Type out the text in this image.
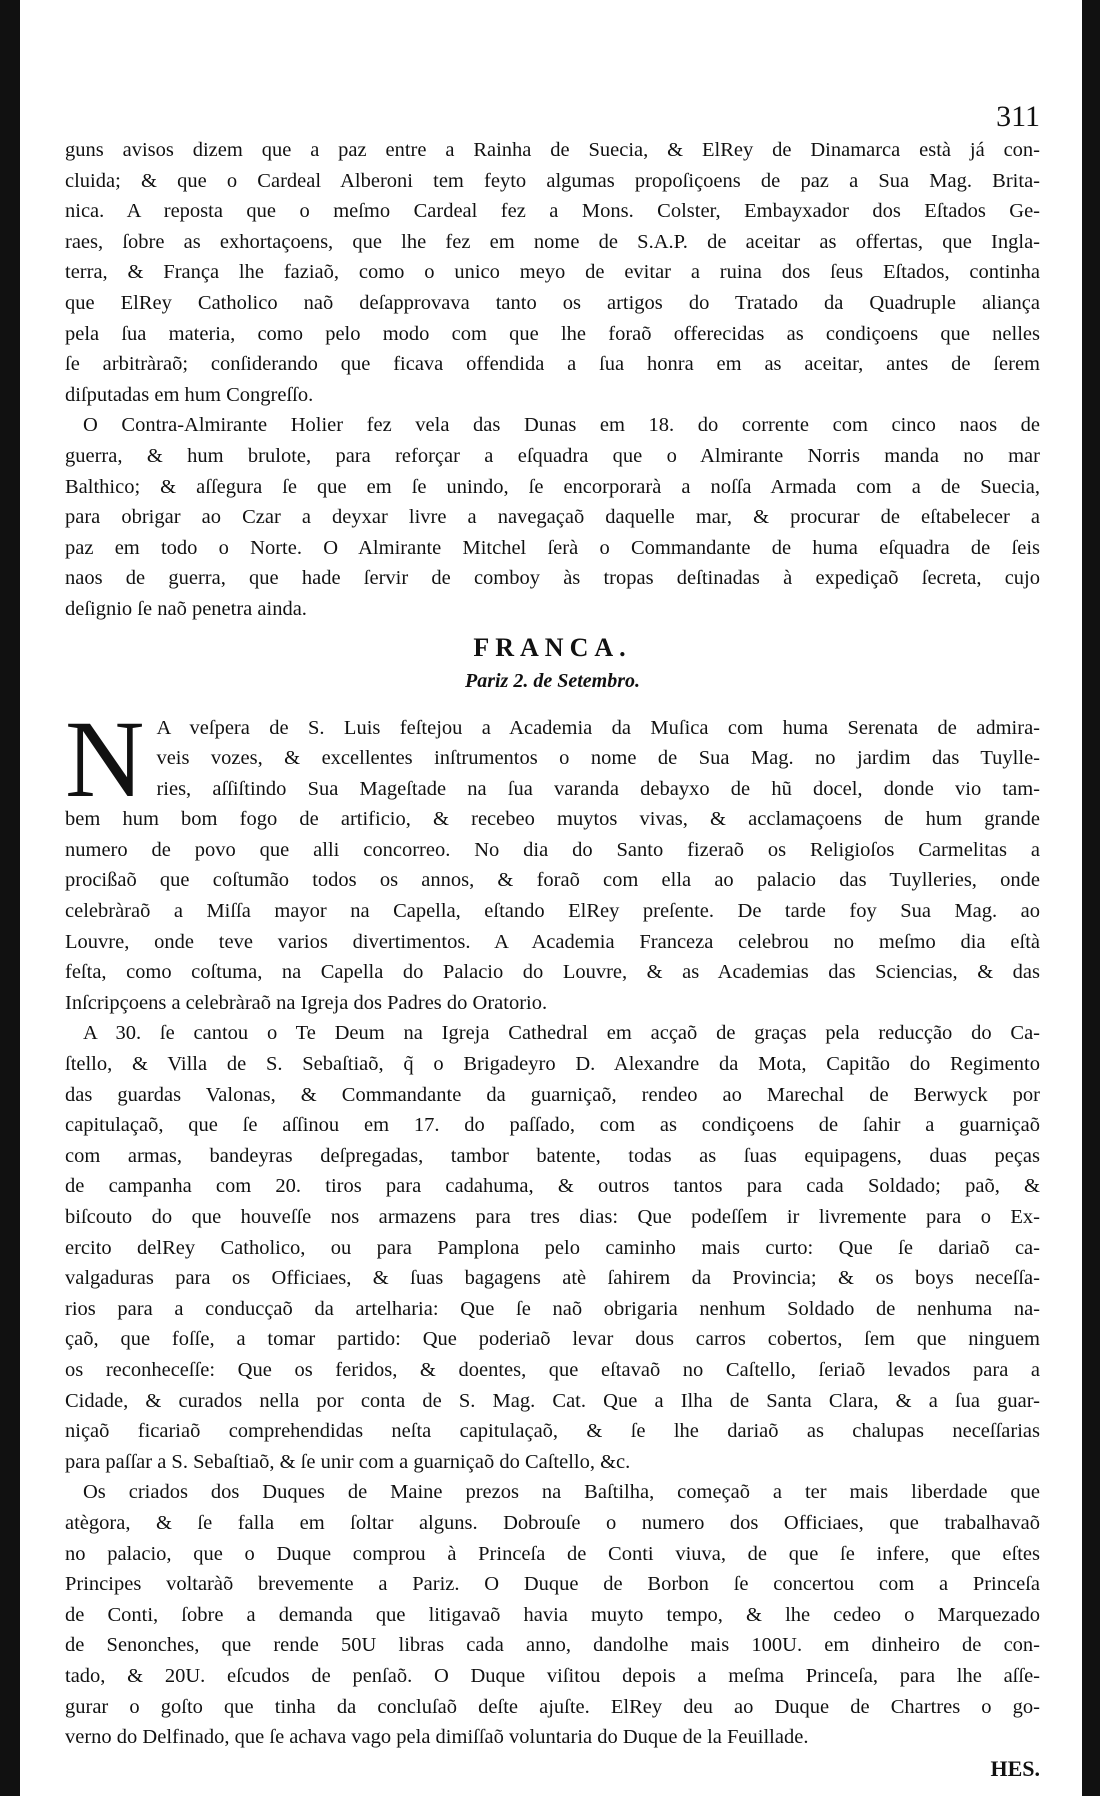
311
guns avisos dizem que a paz entre a Rainha de Suecia, & ElRey de Dinamarca està já con-
cluida; & que o Cardeal Alberoni tem feyto algumas propoſiçoens de paz a Sua Mag. Brita-
nica. A reposta que o meſmo Cardeal fez a Mons. Colster, Embayxador dos Eſtados Ge-
raes, ſobre as exhortaçoens, que lhe fez em nome de S.A.P. de aceitar as offertas, que Ingla-
terra, & França lhe faziaõ, como o unico meyo de evitar a ruina dos ſeus Eſtados, continha
que ElRey Catholico naõ deſapprovava tanto os artigos do Tratado da Quadruple aliança
pela ſua materia, como pelo modo com que lhe foraõ offerecidas as condiçoens que nelles
ſe arbitràraõ; conſiderando que ficava offendida a ſua honra em as aceitar, antes de ſerem
diſputadas em hum Congreſſo.
O Contra-Almirante Holier fez vela das Dunas em 18. do corrente com cinco naos de
guerra, & hum brulote, para reforçar a eſquadra que o Almirante Norris manda no mar
Balthico; & aſſegura ſe que em ſe unindo, ſe encorporarà a noſſa Armada com a de Suecia,
para obrigar ao Czar a deyxar livre a navegaçaõ daquelle mar, & procurar de eſtabelecer a
paz em todo o Norte. O Almirante Mitchel ſerà o Commandante de huma eſquadra de ſeis
naos de guerra, que hade ſervir de comboy às tropas deſtinadas à expediçaõ ſecreta, cujo
deſignio ſe naõ penetra ainda.
FRANCA.
Pariz 2. de Setembro.
N A veſpera de S. Luis feſtejou a Academia da Muſica com huma Serenata de admira-
veis vozes, & excellentes inſtrumentos o nome de Sua Mag. no jardim das Tuylle-
ries, aſſiſtindo Sua Mageſtade na ſua varanda debayxo de hũ docel, donde vio tam-
bem hum bom fogo de artificio, & recebeo muytos vivas, & acclamaçoens de hum grande
numero de povo que alli concorreo. No dia do Santo fizeraõ os Religioſos Carmelitas a
procißaõ que coſtumão todos os annos, & foraõ com ella ao palacio das Tuylleries, onde
celebràraõ a Miſſa mayor na Capella, eſtando ElRey preſente. De tarde foy Sua Mag. ao
Louvre, onde teve varios divertimentos. A Academia Franceza celebrou no meſmo dia eſtà
feſta, como coſtuma, na Capella do Palacio do Louvre, & as Academias das Sciencias, & das
Inſcripçoens a celebràraõ na Igreja dos Padres do Oratorio.
A 30. ſe cantou o Te Deum na Igreja Cathedral em acçaõ de graças pela reducção do Ca-
ſtello, & Villa de S. Sebaſtiaõ, q̃ o Brigadeyro D. Alexandre da Mota, Capitão do Regimento
das guardas Valonas, & Commandante da guarniçaõ, rendeo ao Marechal de Berwyck por
capitulaçaõ, que ſe aſſinou em 17. do paſſado, com as condiçoens de ſahir a guarniçaõ
com armas, bandeyras deſpregadas, tambor batente, todas as ſuas equipagens, duas peças
de campanha com 20. tiros para cadahuma, & outros tantos para cada Soldado; paõ, &
biſcouto do que houveſſe nos armazens para tres dias: Que podeſſem ir livremente para o Ex-
ercito delRey Catholico, ou para Pamplona pelo caminho mais curto: Que ſe dariaõ ca-
valgaduras para os Officiaes, & ſuas bagagens atè ſahirem da Provincia; & os boys neceſſa-
rios para a conducçaõ da artelharia: Que ſe naõ obrigaria nenhum Soldado de nenhuma na-
çaõ, que foſſe, a tomar partido: Que poderiaõ levar dous carros cobertos, ſem que ninguem
os reconheceſſe: Que os feridos, & doentes, que eſtavaõ no Caſtello, ſeriaõ levados para a
Cidade, & curados nella por conta de S. Mag. Cat. Que a Ilha de Santa Clara, & a ſua guar-
niçaõ ficariaõ comprehendidas neſta capitulaçaõ, & ſe lhe dariaõ as chalupas neceſſarias
para paſſar a S. Sebaſtiaõ, & ſe unir com a guarniçaõ do Caſtello, &c.
Os criados dos Duques de Maine prezos na Baſtilha, começaõ a ter mais liberdade que
atègora, & ſe falla em ſoltar alguns. Dobrouſe o numero dos Officiaes, que trabalhavaõ
no palacio, que o Duque comprou à Princeſa de Conti viuva, de que ſe infere, que eſtes
Principes voltaràõ brevemente a Pariz. O Duque de Borbon ſe concertou com a Princeſa
de Conti, ſobre a demanda que litigavaõ havia muyto tempo, & lhe cedeo o Marquezado
de Senonches, que rende 50U libras cada anno, dandolhe mais 100U. em dinheiro de con-
tado, & 20U. eſcudos de penſaõ. O Duque viſitou depois a meſma Princeſa, para lhe aſſe-
gurar o goſto que tinha da concluſaõ deſte ajuſte. ElRey deu ao Duque de Chartres o go-
verno do Delfinado, que ſe achava vago pela dimiſſaõ voluntaria do Duque de la Feuillade.
HES.
